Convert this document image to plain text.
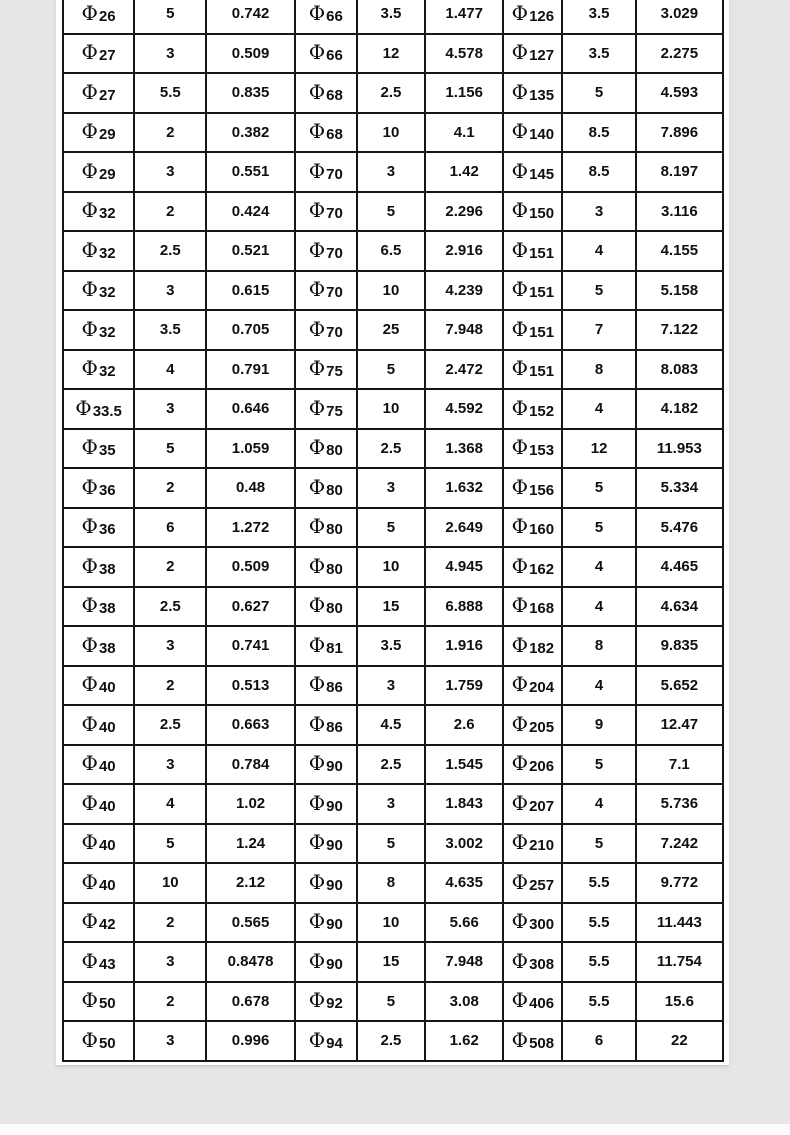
Φ26	5	0.742	Φ66	3.5	1.477	Φ126	3.5	3.029
Φ27	3	0.509	Φ66	12	4.578	Φ127	3.5	2.275
Φ27	5.5	0.835	Φ68	2.5	1.156	Φ135	5	4.593
Φ29	2	0.382	Φ68	10	4.1	Φ140	8.5	7.896
Φ29	3	0.551	Φ70	3	1.42	Φ145	8.5	8.197
Φ32	2	0.424	Φ70	5	2.296	Φ150	3	3.116
Φ32	2.5	0.521	Φ70	6.5	2.916	Φ151	4	4.155
Φ32	3	0.615	Φ70	10	4.239	Φ151	5	5.158
Φ32	3.5	0.705	Φ70	25	7.948	Φ151	7	7.122
Φ32	4	0.791	Φ75	5	2.472	Φ151	8	8.083
Φ33.5	3	0.646	Φ75	10	4.592	Φ152	4	4.182
Φ35	5	1.059	Φ80	2.5	1.368	Φ153	12	11.953
Φ36	2	0.48	Φ80	3	1.632	Φ156	5	5.334
Φ36	6	1.272	Φ80	5	2.649	Φ160	5	5.476
Φ38	2	0.509	Φ80	10	4.945	Φ162	4	4.465
Φ38	2.5	0.627	Φ80	15	6.888	Φ168	4	4.634
Φ38	3	0.741	Φ81	3.5	1.916	Φ182	8	9.835
Φ40	2	0.513	Φ86	3	1.759	Φ204	4	5.652
Φ40	2.5	0.663	Φ86	4.5	2.6	Φ205	9	12.47
Φ40	3	0.784	Φ90	2.5	1.545	Φ206	5	7.1
Φ40	4	1.02	Φ90	3	1.843	Φ207	4	5.736
Φ40	5	1.24	Φ90	5	3.002	Φ210	5	7.242
Φ40	10	2.12	Φ90	8	4.635	Φ257	5.5	9.772
Φ42	2	0.565	Φ90	10	5.66	Φ300	5.5	11.443
Φ43	3	0.8478	Φ90	15	7.948	Φ308	5.5	11.754
Φ50	2	0.678	Φ92	5	3.08	Φ406	5.5	15.6
Φ50	3	0.996	Φ94	2.5	1.62	Φ508	6	22
